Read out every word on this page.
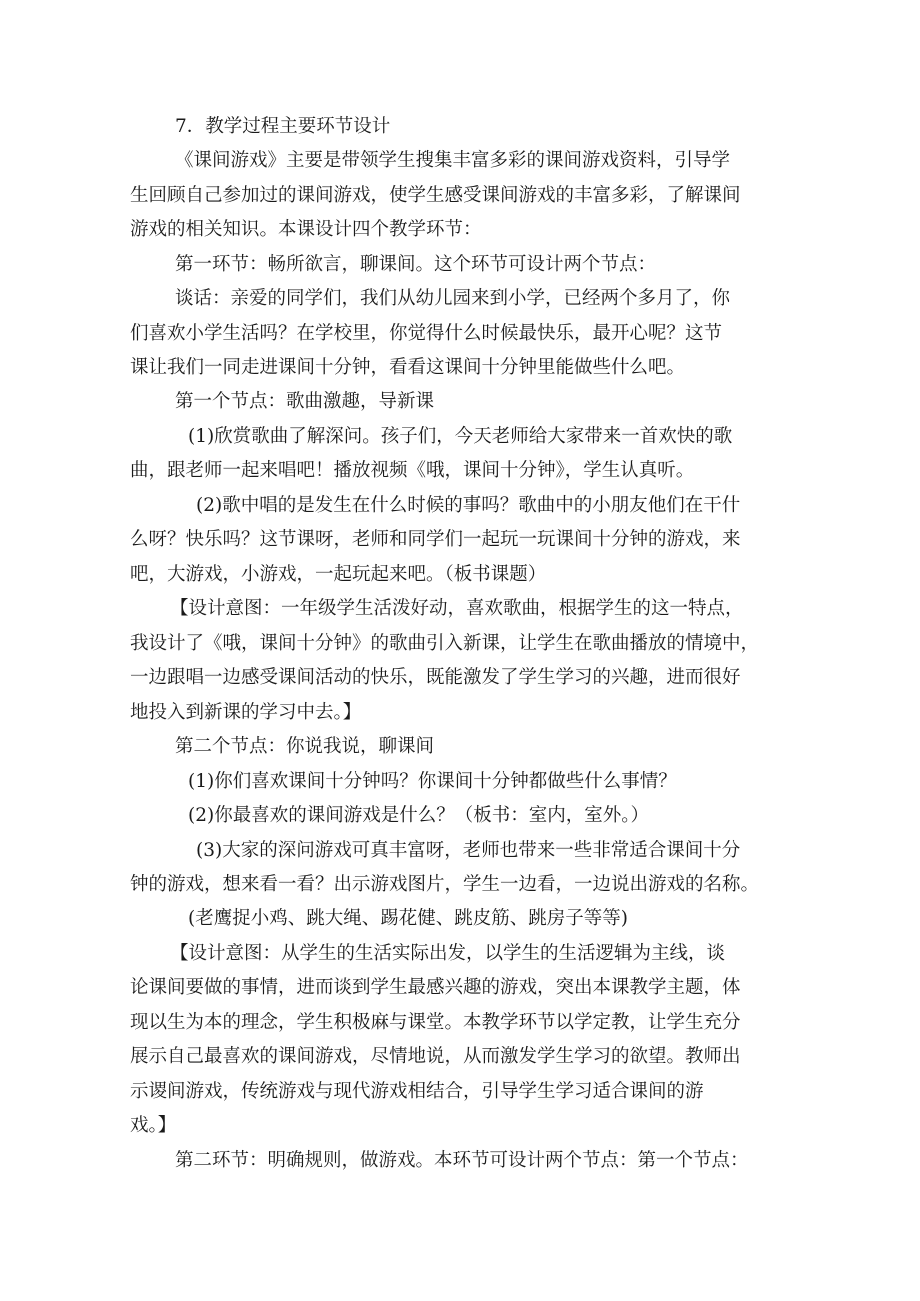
7．教学过程主要环节设计
《课间游戏》主要是带领学生搜集丰富多彩的课间游戏资料，引导学
生回顾自己参加过的课间游戏，使学生感受课间游戏的丰富多彩，了解课间
游戏的相关知识。本课设计四个教学环节：
第一环节：畅所欲言，聊课间。这个环节可设计两个节点：
谈话：亲爱的同学们，我们从幼儿园来到小学，已经两个多月了，你
们喜欢小学生活吗？在学校里，你觉得什么时候最快乐，最开心呢？这节
课让我们一同走进课间十分钟，看看这课间十分钟里能做些什么吧。
第一个节点：歌曲激趣，导新课
(1)欣赏歌曲了解深问。孩子们，今天老师给大家带来一首欢快的歌
曲，跟老师一起来唱吧！播放视频《哦，课间十分钟》，学生认真听。
(2)歌中唱的是发生在什么时候的事吗？歌曲中的小朋友他们在干什
么呀？快乐吗？这节课呀，老师和同学们一起玩一玩课间十分钟的游戏，来
吧，大游戏，小游戏，一起玩起来吧。（板书课题）
【设计意图：一年级学生活泼好动，喜欢歌曲，根据学生的这一特点，
我设计了《哦，课间十分钟》的歌曲引入新课，让学生在歌曲播放的情境中，
一边跟唱一边感受课间活动的快乐，既能激发了学生学习的兴趣，进而很好
地投入到新课的学习中去。】
第二个节点：你说我说，聊课间
(1)你们喜欢课间十分钟吗？你课间十分钟都做些什么事情？
(2)你最喜欢的课间游戏是什么？（板书：室内，室外。）
(3)大家的深问游戏可真丰富呀，老师也带来一些非常适合课间十分
钟的游戏，想来看一看？出示游戏图片，学生一边看，一边说出游戏的名称。
(老鹰捉小鸡、跳大绳、踢花健、跳皮筋、跳房子等等)
【设计意图：从学生的生活实际出发，以学生的生活逻辑为主线，谈
论课间要做的事情，进而谈到学生最感兴趣的游戏，突出本课教学主题，体
现以生为本的理念，学生积极麻与课堂。本教学环节以学定教，让学生充分
展示自己最喜欢的课间游戏，尽情地说，从而激发学生学习的欲望。教师出
示谡间游戏，传统游戏与现代游戏相结合，引导学生学习适合课间的游
戏。】
第二环节：明确规则，做游戏。本环节可设计两个节点：第一个节点：
